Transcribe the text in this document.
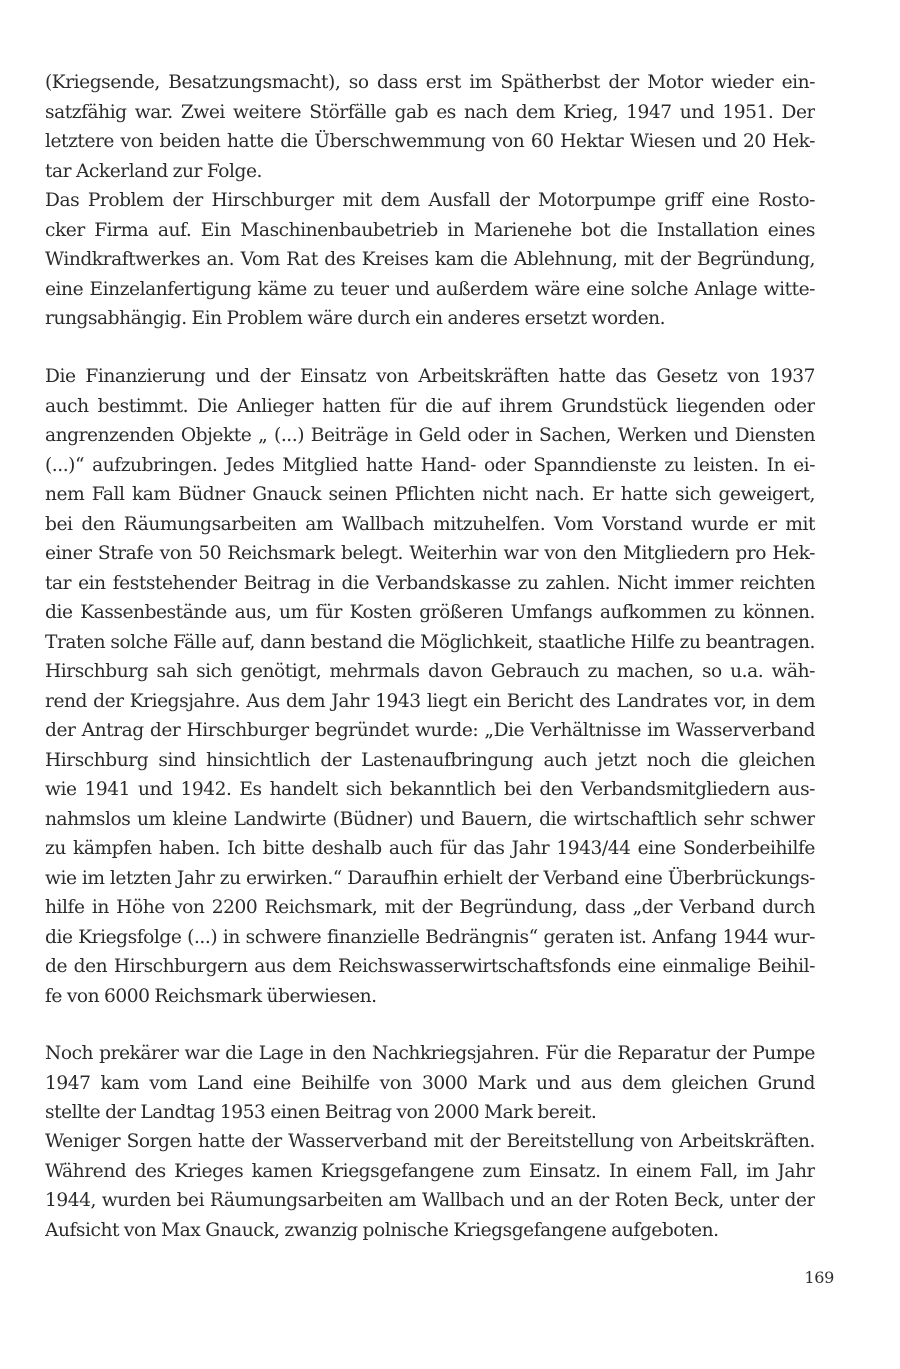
(Kriegsende, Besatzungsmacht), so dass erst im Spätherbst der Motor wieder ein-
satzfähig war. Zwei weitere Störfälle gab es nach dem Krieg, 1947 und 1951. Der
letztere von beiden hatte die Überschwemmung von 60 Hektar Wiesen und 20 Hek-
tar Ackerland zur Folge.
Das Problem der Hirschburger mit dem Ausfall der Motorpumpe griff eine Rosto-
cker Firma auf. Ein Maschinenbaubetrieb in Marienehe bot die Installation eines
Windkraftwerkes an. Vom Rat des Kreises kam die Ablehnung, mit der Begründung,
eine Einzelanfertigung käme zu teuer und außerdem wäre eine solche Anlage witte-
rungsabhängig. Ein Problem wäre durch ein anderes ersetzt worden.
Die Finanzierung und der Einsatz von Arbeitskräften hatte das Gesetz von 1937
auch bestimmt. Die Anlieger hatten für die auf ihrem Grundstück liegenden oder
angrenzenden Objekte „ (...) Beiträge in Geld oder in Sachen, Werken und Diensten
(...)“ aufzubringen. Jedes Mitglied hatte Hand- oder Spanndienste zu leisten. In ei-
nem Fall kam Büdner Gnauck seinen Pflichten nicht nach. Er hatte sich geweigert,
bei den Räumungsarbeiten am Wallbach mitzuhelfen. Vom Vorstand wurde er mit
einer Strafe von 50 Reichsmark belegt. Weiterhin war von den Mitgliedern pro Hek-
tar ein feststehender Beitrag in die Verbandskasse zu zahlen. Nicht immer reichten
die Kassenbestände aus, um für Kosten größeren Umfangs aufkommen zu können.
Traten solche Fälle auf, dann bestand die Möglichkeit, staatliche Hilfe zu beantragen.
Hirschburg sah sich genötigt, mehrmals davon Gebrauch zu machen, so u.a. wäh-
rend der Kriegsjahre. Aus dem Jahr 1943 liegt ein Bericht des Landrates vor, in dem
der Antrag der Hirschburger begründet wurde: „Die Verhältnisse im Wasserverband
Hirschburg sind hinsichtlich der Lastenaufbringung auch jetzt noch die gleichen
wie 1941 und 1942. Es handelt sich bekanntlich bei den Verbandsmitgliedern aus-
nahmslos um kleine Landwirte (Büdner) und Bauern, die wirtschaftlich sehr schwer
zu kämpfen haben. Ich bitte deshalb auch für das Jahr 1943/44 eine Sonderbeihilfe
wie im letzten Jahr zu erwirken.“ Daraufhin erhielt der Verband eine Überbrückungs-
hilfe in Höhe von 2200 Reichsmark, mit der Begründung, dass „der Verband durch
die Kriegsfolge (...) in schwere finanzielle Bedrängnis“ geraten ist. Anfang 1944 wur-
de den Hirschburgern aus dem Reichswasserwirtschaftsfonds eine einmalige Beihil-
fe von 6000 Reichsmark überwiesen.
Noch prekärer war die Lage in den Nachkriegsjahren. Für die Reparatur der Pumpe
1947 kam vom Land eine Beihilfe von 3000 Mark und aus dem gleichen Grund
stellte der Landtag 1953 einen Beitrag von 2000 Mark bereit.
Weniger Sorgen hatte der Wasserverband mit der Bereitstellung von Arbeitskräften.
Während des Krieges kamen Kriegsgefangene zum Einsatz. In einem Fall, im Jahr
1944, wurden bei Räumungsarbeiten am Wallbach und an der Roten Beck, unter der
Aufsicht von Max Gnauck, zwanzig polnische Kriegsgefangene aufgeboten.
169
